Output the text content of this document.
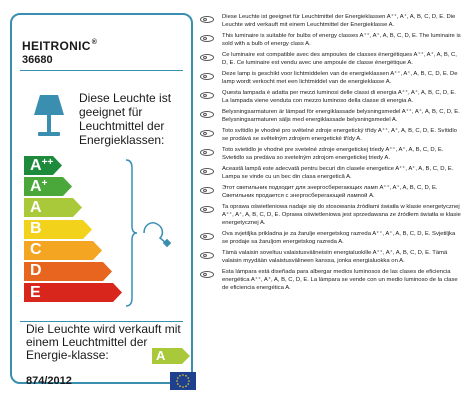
HEITRONIC®
36680
Diese Leuchte ist geeignet für Leuchtmittel der Energieklassen:
A ++
A +
A
B
C
D
E
Die Leuchte wird verkauft mit einem Leuchtmittel der Energie-klasse:	A
874/2012
Diese Leuchte ist geeignet für Leuchtmittel der Energieklassen A⁺⁺, A⁺, A, B, C, D, E. Die Leuchte wird verkauft mit einem Leuchtmittel der Energieklasse A.
This luminaire is suitable for bulbs of energy classes A⁺⁺, A⁺, A, B, C, D, E. The luminaire is sold with a bulb of energy class A.
Ce luminaire est compatible avec des ampoules de classes énergétiques A⁺⁺, A⁺, A, B, C, D, E. Ce luminaire est vendu avec une ampoule de classe énergétique A.
Deze lamp is geschikt voor lichtmiddelen van de energieklassen A⁺⁺, A⁺, A, B, C, D, E. De lamp wordt verkocht met een lichtmiddel van de energieklasse A.
Questa lampada è adatta per mezzi luminosi delle classi di energia A⁺⁺, A⁺, A, B, C, D, E. La lampada viene venduta con mezzo luminoso della classe di energia A.
Belysningsarmaturen är lämpad för energiklassade belysningsmedel A⁺⁺, A⁺, A, B, C, D, E. Belysningsarmaturen säljs med energiklassade belysningsmedel A.
Toto svítidlo je vhodné pro světelné zdroje energetický třídy A⁺⁺, A⁺, A, B, C, D, E. Svítidlo se prodává se světelným zdrojem energetické třídy A.
Toto svietidlo je vhodné pre svetelné zdroje energetickej triedy A⁺⁺, A⁺, A, B, C, D, E. Svietidlo sa predáva so svetelným zdrojom energetickej triedy A.
Această lampă este adecvată pentru becuri din clasele energetice A⁺⁺, A⁺, A, B, C, D, E. Lampa se vinde cu un bec din clasa energetică A.
Этот светильник подходит для энергосберегающих ламп A⁺⁺, A⁺, A, B, C, D, E. Светильник продается с энергосберегающей лампой A.
Ta oprawa oświetleniowa nadaje się do stosowania źródłami światła w klasie energetycznej A⁺⁺, A⁺, A, B, C, D, E. Oprawa oświetleniowa jest sprzedawana ze źródłem światła w klasie energetycznej A.
Ova svjetiljka prikladna je za žarulje energetskog razreda A⁺⁺, A⁺, A, B, C, D, E. Svjetiljka se prodaje sa žaruljom energetskog razreda A.
Tämä valaisin soveltuu valaistusvälineisiin energialuokille A⁺⁺, A⁺, A, B, C, D, E. Tämä valaisin myydään valaistusvälineen kanssa, jonka energialuokka on A.
Esta lámpara está diseñada para albergar medios luminosos de las clases de eficiencia energética A⁺⁺, A⁺, A, B, C, D, E. La lámpara se vende con un medio luminoso de la clase de eficiencia energética A.
